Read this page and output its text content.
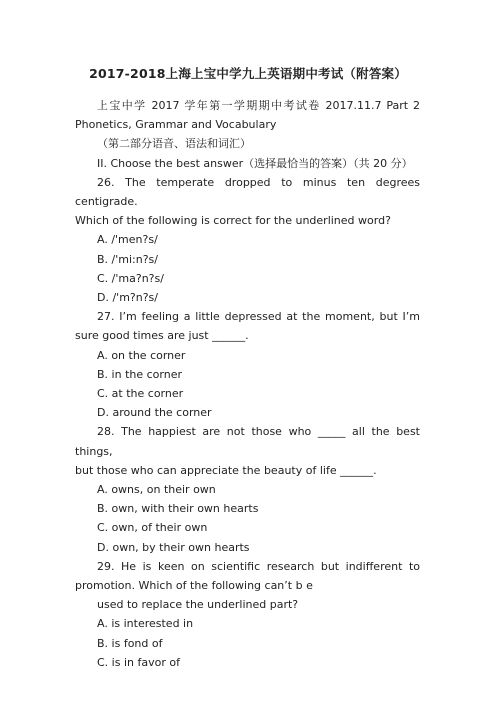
2017-2018上海上宝中学九上英语期中考试（附答案）

上宝中学 2017 学年第一学期期中考试卷 2017.11.7 Part 2

Phonetics, Grammar and Vocabulary

（第二部分语音、语法和词汇）

II. Choose the best answer（选择最恰当的答案）（共 20 分）

26. The temperate dropped to minus ten degrees centigrade.

Which of the following is correct for the underlined word?

A. /'men?s/

B. /'mi:n?s/

C. /'ma?n?s/

D. /'m?n?s/

27. I’m feeling a little depressed at the moment, but I’m

sure good times are just ______.

A. on the corner

B. in the corner

C. at the corner

D. around the corner

28. The happiest are not those who _____ all the best things,

but those who can appreciate the beauty of life ______.

A. owns, on their own

B. own, with their own hearts

C. own, of their own

D. own, by their own hearts

29. He is keen on scientific research but indifferent to

promotion. Which of the following can’t b e

used to replace the underlined part?

A. is interested in

B. is fond of

C. is in favor of
